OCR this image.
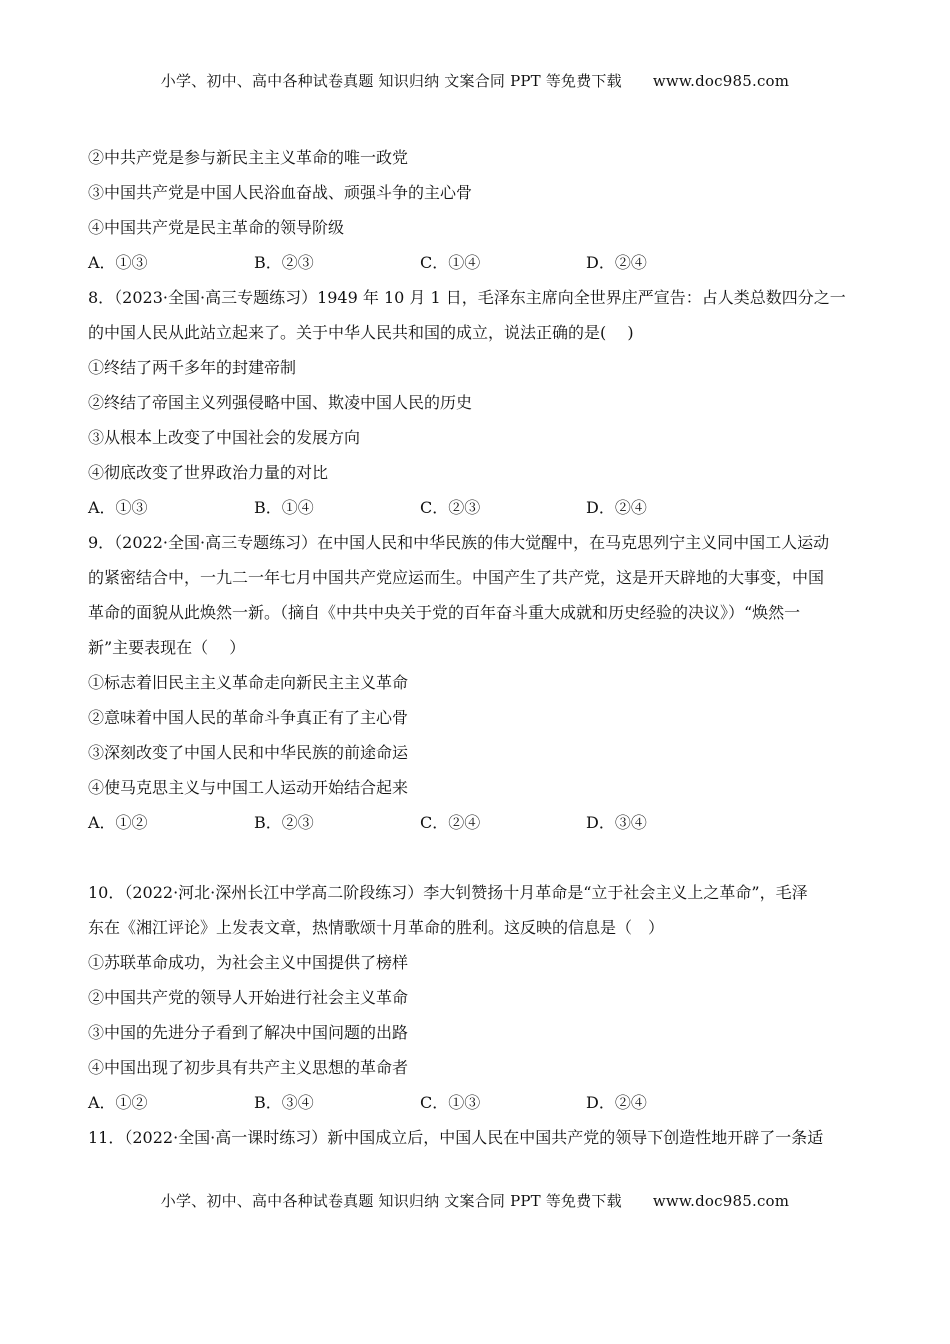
小学、初中、高中各种试卷真题 知识归纳 文案合同 PPT 等免费下载 www.doc985.com
②中共产党是参与新民主主义革命的唯一政党
③中国共产党是中国人民浴血奋战、顽强斗争的主心骨
④中国共产党是民主革命的领导阶级
A．①③	B．②③	C．①④	D．②④
8．（2023·全国·高三专题练习）1949 年 10 月 1 日，毛泽东主席向全世界庄严宣告：占人类总数四分之一
的中国人民从此站立起来了。关于中华人民共和国的成立，说法正确的是(　 )
①终结了两千多年的封建帝制
②终结了帝国主义列强侵略中国、欺凌中国人民的历史
③从根本上改变了中国社会的发展方向
④彻底改变了世界政治力量的对比
A．①③	B．①④	C．②③	D．②④
9．（2022·全国·高三专题练习）在中国人民和中华民族的伟大觉醒中，在马克思列宁主义同中国工人运动
的紧密结合中，一九二一年七月中国共产党应运而生。中国产生了共产党，这是开天辟地的大事变，中国
革命的面貌从此焕然一新。（摘自《中共中央关于党的百年奋斗重大成就和历史经验的决议》）“焕然一
新”主要表现在（　 ）
①标志着旧民主主义革命走向新民主主义革命
②意味着中国人民的革命斗争真正有了主心骨
③深刻改变了中国人民和中华民族的前途命运
④使马克思主义与中国工人运动开始结合起来
A．①②	B．②③	C．②④	D．③④
10．（2022·河北·深州长江中学高二阶段练习）李大钊赞扬十月革命是“立于社会主义上之革命”，毛泽
东在《湘江评论》上发表文章，热情歌颂十月革命的胜利。这反映的信息是（　）
①苏联革命成功，为社会主义中国提供了榜样
②中国共产党的领导人开始进行社会主义革命
③中国的先进分子看到了解决中国问题的出路
④中国出现了初步具有共产主义思想的革命者
A．①②	B．③④	C．①③	D．②④
11．（2022·全国·高一课时练习）新中国成立后，中国人民在中国共产党的领导下创造性地开辟了一条适
小学、初中、高中各种试卷真题 知识归纳 文案合同 PPT 等免费下载 www.doc985.com
